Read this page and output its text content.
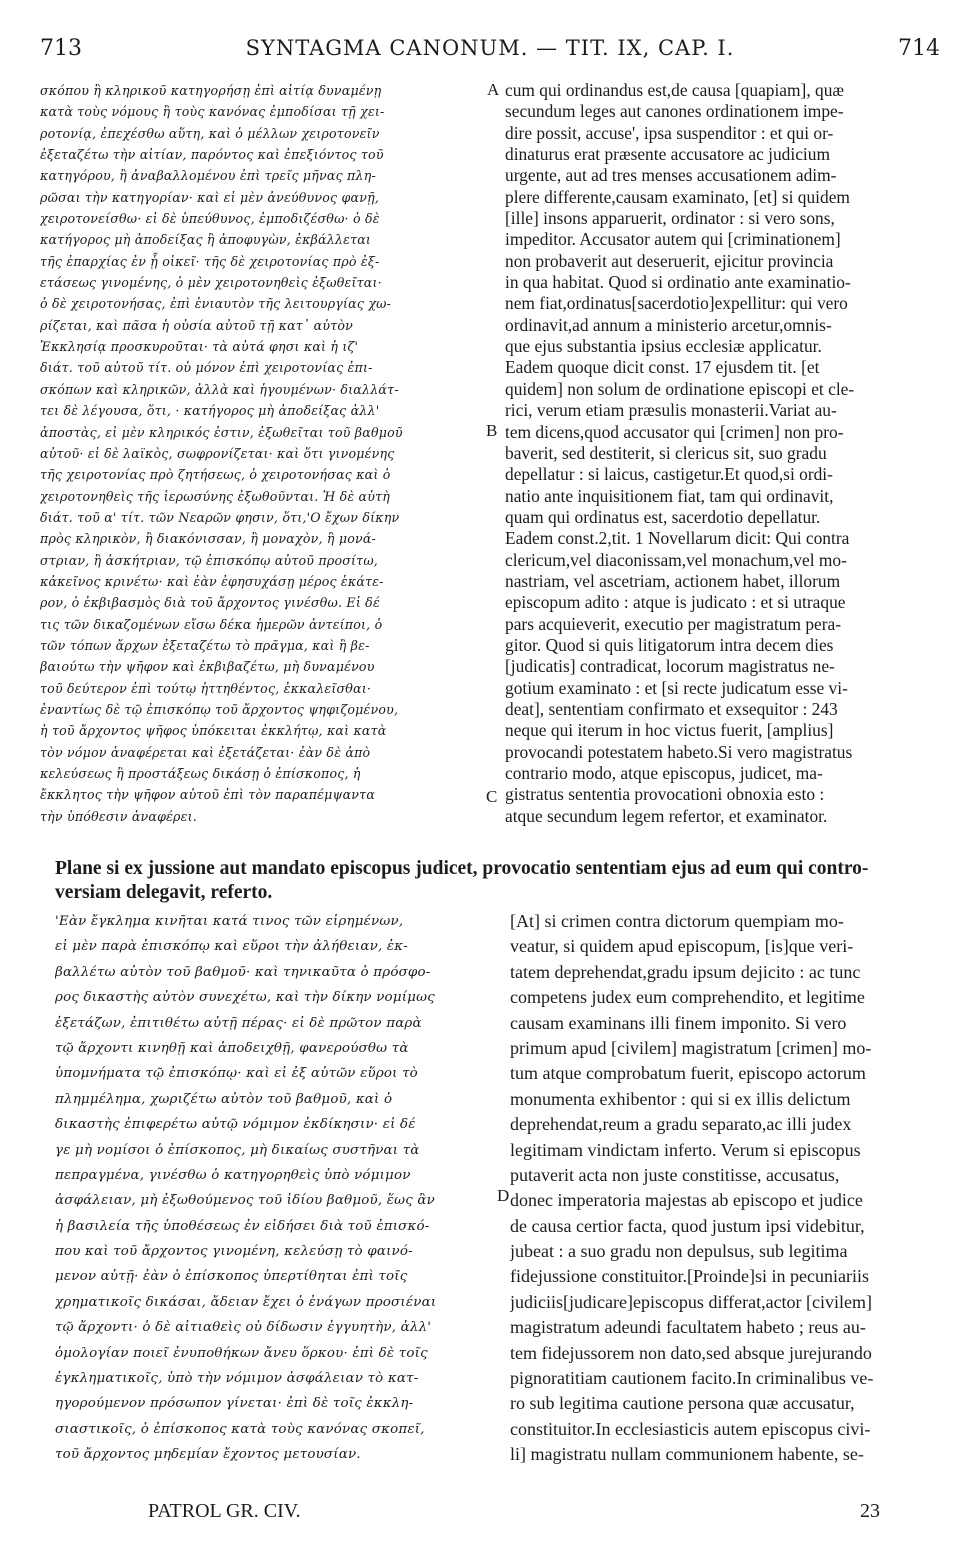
713	SYNTAGMA CANONUM. — TIT. IX, CAP. I.	714
σκόπου ἢ κληρικοῦ κατηγορήσῃ ἐπὶ αἰτίᾳ δυναμένῃ
κατὰ τοὺς νόμους ἢ τοὺς κανόνας ἐμποδίσαι τῇ χει-
ροτονίᾳ, ἐπεχέσθω αὕτη, καὶ ὁ μέλλων χειροτονεῖν
ἐξεταζέτω τὴν αἰτίαν, παρόντος καὶ ἐπεξιόντος τοῦ
κατηγόρου, ἢ ἀναβαλλομένου ἐπὶ τρεῖς μῆνας πλη-
ρῶσαι τὴν κατηγορίαν· καὶ εἰ μὲν ἀνεύθυνος φανῇ,
χειροτονείσθω· εἰ δὲ ὑπεύθυνος, ἐμποδιζέσθω· ὁ δὲ
κατήγορος μὴ ἀποδείξας ἢ ἀποφυγὼν, ἐκβάλλεται
τῆς ἐπαρχίας ἐν ᾗ οἰκεῖ· τῆς δὲ χειροτονίας πρὸ ἐξ-
ετάσεως γινομένης, ὁ μὲν χειροτονηθεὶς ἐξωθεῖται·
ὁ δὲ χειροτονήσας, ἐπὶ ἐνιαυτὸν τῆς λειτουργίας χω-
ρίζεται, καὶ πᾶσα ἡ οὐσία αὐτοῦ τῇ κατ᾽ αὐτὸν
Ἐκκλησίᾳ προσκυροῦται· τὰ αὐτά φησι καὶ ἡ ιζ'
διάτ. τοῦ αὐτοῦ τίτ. οὐ μόνον ἐπὶ χειροτονίας ἐπι-
σκόπων καὶ κληρικῶν, ἀλλὰ καὶ ἡγουμένων· διαλλάτ-
τει δὲ λέγουσα, ὅτι, · κατήγορος μὴ ἀποδείξας ἀλλ'
ἀποστὰς, εἰ μὲν κληρικός ἐστιν, ἐξωθεῖται τοῦ βαθμοῦ
αὐτοῦ· εἰ δὲ λαϊκὸς, σωφρονίζεται· καὶ ὅτι γινομένης
τῆς χειροτονίας πρὸ ζητήσεως, ὁ χειροτονήσας καὶ ὁ
χειροτονηθεὶς τῆς ἱερωσύνης ἐξωθοῦνται. Ἡ δὲ αὐτὴ
διάτ. τοῦ α' τίτ. τῶν Νεαρῶν φησιν, ὅτι,'Ο ἔχων δίκην
πρὸς κληρικὸν, ἢ διακόνισσαν, ἢ μοναχὸν, ἢ μονά-
στριαν, ἢ ἀσκήτριαν, τῷ ἐπισκόπῳ αὐτοῦ προσίτω,
κἀκεῖνος κρινέτω· καὶ ἐὰν ἐφησυχάσῃ μέρος ἑκάτε-
ρον, ὁ ἐκβιβασμὸς διὰ τοῦ ἄρχοντος γινέσθω. Εἰ δέ
τις τῶν δικαζομένων εἴσω δέκα ἡμερῶν ἀντείποι, ὁ
τῶν τόπων ἄρχων ἐξεταζέτω τὸ πρᾶγμα, καὶ ἢ βε-
βαιούτω τὴν ψῆφον καὶ ἐκβιβαζέτω, μὴ δυναμένου
τοῦ δεύτερον ἐπὶ τούτῳ ἡττηθέντος, ἐκκαλεῖσθαι·
ἐναντίως δὲ τῷ ἐπισκόπῳ τοῦ ἄρχοντος ψηφιζομένου,
ἡ τοῦ ἄρχοντος ψῆφος ὑπόκειται ἐκκλήτῳ, καὶ κατὰ
τὸν νόμον ἀναφέρεται καὶ ἐξετάζεται· ἐὰν δὲ ἀπὸ
κελεύσεως ἢ προστάξεως δικάσῃ ὁ ἐπίσκοπος, ἡ
ἔκκλητος τὴν ψῆφον αὐτοῦ ἐπὶ τὸν παραπέμψαντα
τὴν ὑπόθεσιν ἀναφέρει.
cum qui ordinandus est,de causa [quapiam], quæ
secundum leges aut canones ordinationem impe-
dire possit, accuse', ipsa suspenditor : et qui or-
dinaturus erat præsente accusatore ac judicium
urgente, aut ad tres menses accusationem adim-
plere differente,causam examinato, [et] si quidem
[ille] insons apparuerit, ordinator : si vero sons,
impeditor. Accusator autem qui [criminationem]
non probaverit aut deseruerit, ejicitur provincia
in qua habitat. Quod si ordinatio ante examinatio-
nem fiat,ordinatus[sacerdotio]expellitur: qui vero
ordinavit,ad annum a ministerio arcetur,omnis-
que ejus substantia ipsius ecclesiæ applicatur.
Eadem quoque dicit const. 17 ejusdem tit. [et
quidem] non solum de ordinatione episcopi et cle-
rici, verum etiam præsulis monasterii.Variat au-
tem dicens,quod accusator qui [crimen] non pro-
baverit, sed destiterit, si clericus sit, suo gradu
depellatur : si laicus, castigetur.Et quod,si ordi-
natio ante inquisitionem fiat, tam qui ordinavit,
quam qui ordinatus est, sacerdotio depellatur.
Eadem const.2,tit. 1 Novellarum dicit: Qui contra
clericum,vel diaconissam,vel monachum,vel mo-
nastriam, vel ascetriam, actionem habet, illorum
episcopum adito : atque is judicato : et si utraque
pars acquieverit, executio per magistratum pera-
gitor. Quod si quis litigatorum intra decem dies
[judicatis] contradicat, locorum magistratus ne-
gotium examinato : et [si recte judicatum esse vi-
deat], sententiam confirmato et exsequitor : 243
neque qui iterum in hoc victus fuerit, [amplius]
provocandi potestatem habeto.Si vero magistratus
contrario modo, atque episcopus, judicet, ma-
gistratus sententia provocationi obnoxia esto :
atque secundum legem refertor, et examinator.
A
B
C
D
Plane si ex jussione aut mandato episcopus judicet, provocatio sententiam ejus ad eum qui contro-
versiam delegavit, referto.
'Εὰν ἔγκλημα κινῆται κατά τινος τῶν εἰρημένων,
εἰ μὲν παρὰ ἐπισκόπῳ καὶ εὕροι τὴν ἀλήθειαν, ἐκ-
βαλλέτω αὐτὸν τοῦ βαθμοῦ· καὶ τηνικαῦτα ὁ πρόσφο-
ρος δικαστὴς αὐτὸν συνεχέτω, καὶ τὴν δίκην νομίμως
ἐξετάζων, ἐπιτιθέτω αὐτῇ πέρας· εἰ δὲ πρῶτον παρὰ
τῷ ἄρχοντι κινηθῇ καὶ ἀποδειχθῇ, φανερούσθω τὰ
ὑπομνήματα τῷ ἐπισκόπῳ· καὶ εἰ ἐξ αὐτῶν εὕροι τὸ
πλημμέλημα, χωριζέτω αὐτὸν τοῦ βαθμοῦ, καὶ ὁ
δικαστὴς ἐπιφερέτω αὐτῷ νόμιμον ἐκδίκησιν· εἰ δέ
γε μὴ νομίσοι ὁ ἐπίσκοπος, μὴ δικαίως συστῆναι τὰ
πεπραγμένα, γινέσθω ὁ κατηγορηθεὶς ὑπὸ νόμιμον
ἀσφάλειαν, μὴ ἐξωθούμενος τοῦ ἰδίου βαθμοῦ, ἕως ἂν
ἡ βασιλεία τῆς ὑποθέσεως ἐν εἰδήσει διὰ τοῦ ἐπισκό-
που καὶ τοῦ ἄρχοντος γινομένη, κελεύσῃ τὸ φαινό-
μενον αὐτῇ· ἐὰν ὁ ἐπίσκοπος ὑπερτίθηται ἐπὶ τοῖς
χρηματικοῖς δικάσαι, ἄδειαν ἔχει ὁ ἐνάγων προσιέναι
τῷ ἄρχοντι· ὁ δὲ αἰτιαθεὶς οὐ δίδωσιν ἐγγυητὴν, ἀλλ'
ὁμολογίαν ποιεῖ ἐνυποθήκων ἄνευ ὅρκου· ἐπὶ δὲ τοῖς
ἐγκληματικοῖς, ὑπὸ τὴν νόμιμον ἀσφάλειαν τὸ κατ-
ηγορούμενον πρόσωπον γίνεται· ἐπὶ δὲ τοῖς ἐκκλη-
σιαστικοῖς, ὁ ἐπίσκοπος κατὰ τοὺς κανόνας σκοπεῖ,
τοῦ ἄρχοντος μηδεμίαν ἔχοντος μετουσίαν.
[At] si crimen contra dictorum quempiam mo-
veatur, si quidem apud episcopum, [is]que veri-
tatem deprehendat,gradu ipsum dejicito : ac tunc
competens judex eum comprehendito, et legitime
causam examinans illi finem imponito. Si vero
primum apud [civilem] magistratum [crimen] mo-
tum atque comprobatum fuerit, episcopo actorum
monumenta exhibentor : qui si ex illis delictum
deprehendat,reum a gradu separato,ac illi judex
legitimam vindictam inferto. Verum si episcopus
putaverit acta non juste constitisse, accusatus,
donec imperatoria majestas ab episcopo et judice
de causa certior facta, quod justum ipsi videbitur,
jubeat : a suo gradu non depulsus, sub legitima
fidejussione constituitor.[Proinde]si in pecuniariis
judiciis[judicare]episcopus differat,actor [civilem]
magistratum adeundi facultatem habeto ; reus au-
tem fidejussorem non dato,sed absque jurejurando
pignoratitiam cautionem facito.In criminalibus ve-
ro sub legitima cautione persona quæ accusatur,
constituitor.In ecclesiasticis autem episcopus civi-
li] magistratu nullam communionem habente, se-
PATROL GR. CIV.	23
